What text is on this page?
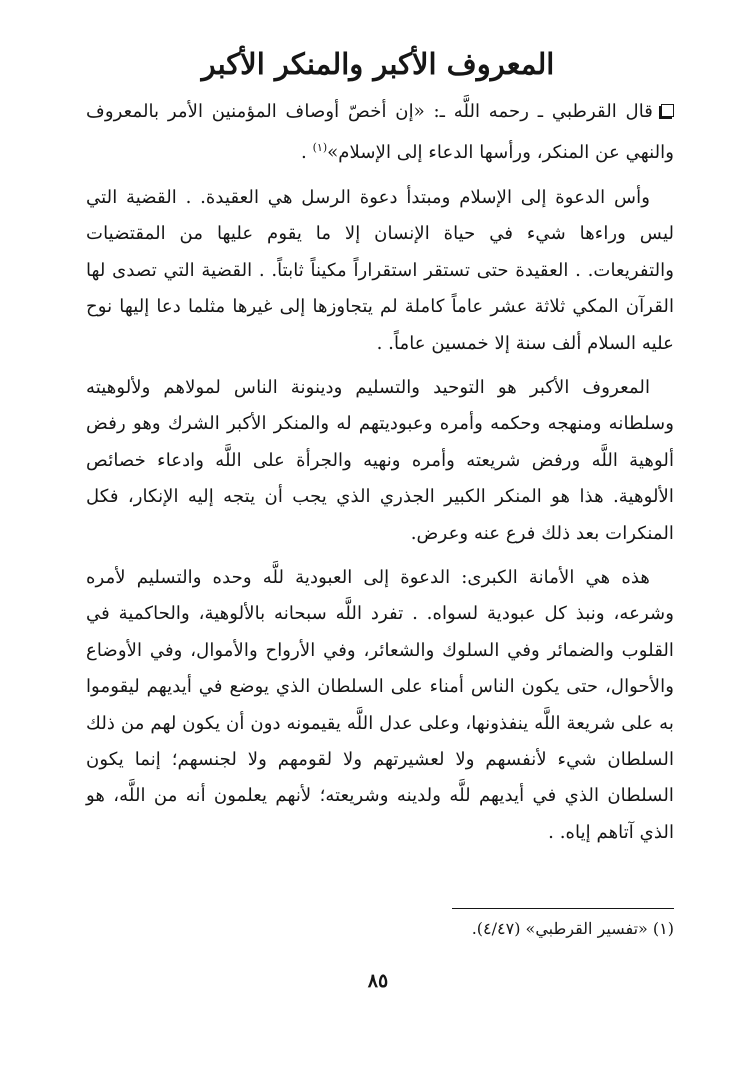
المعروف الأكبر والمنكر الأكبر

قال القرطبي ـ رحمه اللَّه ـ: «إن أخصّ أوصاف المؤمنين الأمر بالمعروف والنهي عن المنكر، ورأسها الدعاء إلى الإسلام»$^{(١)}$ .

وأس الدعوة إلى الإسلام ومبتدأ دعوة الرسل هي العقيدة. . القضية التي ليس وراءها شيء في حياة الإنسان إلا ما يقوم عليها من المقتضيات والتفريعات. . العقيدة حتى تستقر استقراراً مكيناً ثابتاً. . القضية التي تصدى لها القرآن المكي ثلاثة عشر عاماً كاملة لم يتجاوزها إلى غيرها مثلما دعا إليها نوح عليه السلام ألف سنة إلا خمسين عاماً. .

المعروف الأكبر هو التوحيد والتسليم ودينونة الناس لمولاهم ولألوهيته وسلطانه ومنهجه وحكمه وأمره وعبوديتهم له والمنكر الأكبر الشرك وهو رفض ألوهية اللَّه ورفض شريعته وأمره ونهيه والجرأة على اللَّه وادعاء خصائص الألوهية. هذا هو المنكر الكبير الجذري الذي يجب أن يتجه إليه الإنكار، فكل المنكرات بعد ذلك فرع عنه وعرض.

هذه هي الأمانة الكبرى: الدعوة إلى العبودية للَّه وحده والتسليم لأمره وشرعه، ونبذ كل عبودية لسواه. . تفرد اللَّه سبحانه بالألوهية، والحاكمية في القلوب والضمائر وفي السلوك والشعائر، وفي الأرواح والأموال، وفي الأوضاع والأحوال، حتى يكون الناس أمناء على السلطان الذي يوضع في أيديهم ليقوموا به على شريعة اللَّه ينفذونها، وعلى عدل اللَّه يقيمونه دون أن يكون لهم من ذلك السلطان شيء لأنفسهم ولا لعشيرتهم ولا لقومهم ولا لجنسهم؛ إنما يكون السلطان الذي في أيديهم للَّه ولدينه وشريعته؛ لأنهم يعلمون أنه من اللَّه، هو الذي آتاهم إياه. .

(١) «تفسير القرطبي» (٤/٤٧).

٨٥
